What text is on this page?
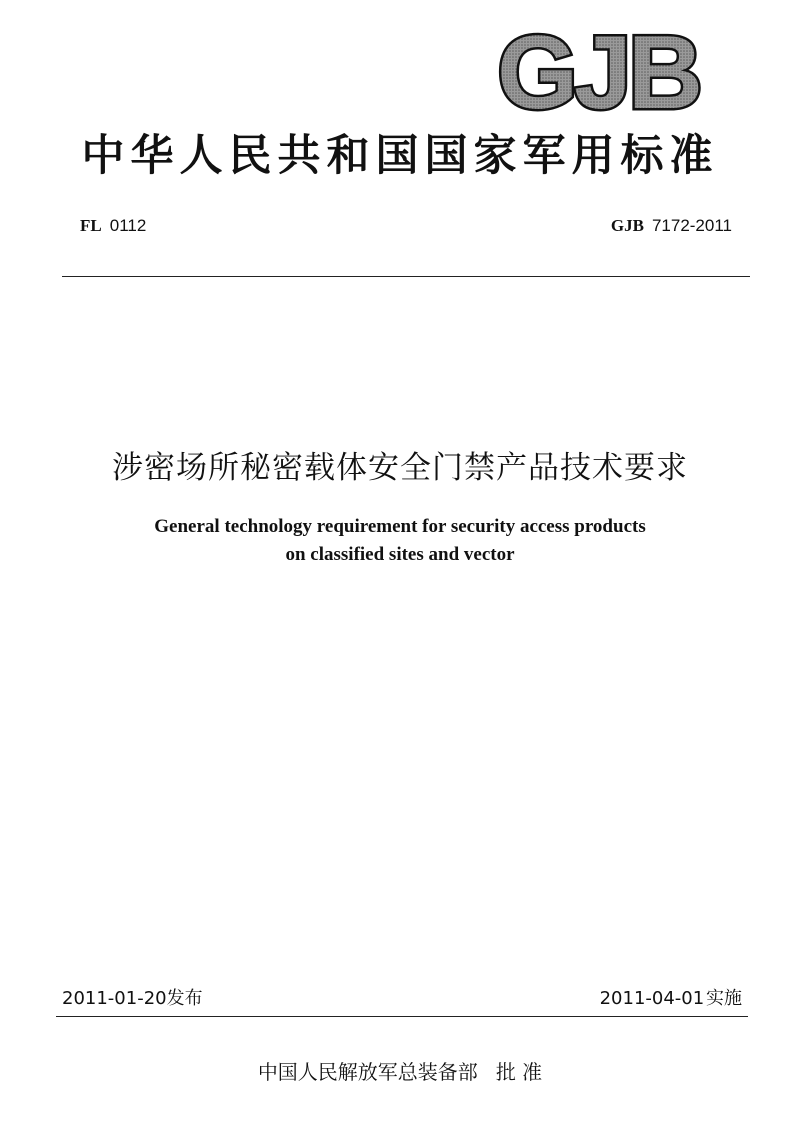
GJB
中华人民共和国国家军用标准
FL 0112	GJB 7172-2011
涉密场所秘密载体安全门禁产品技术要求
General technology requirement for security access products
on classified sites and vector
2011-01-20发布	2011-04-01 实施
中国人民解放军总装备部 批 准
